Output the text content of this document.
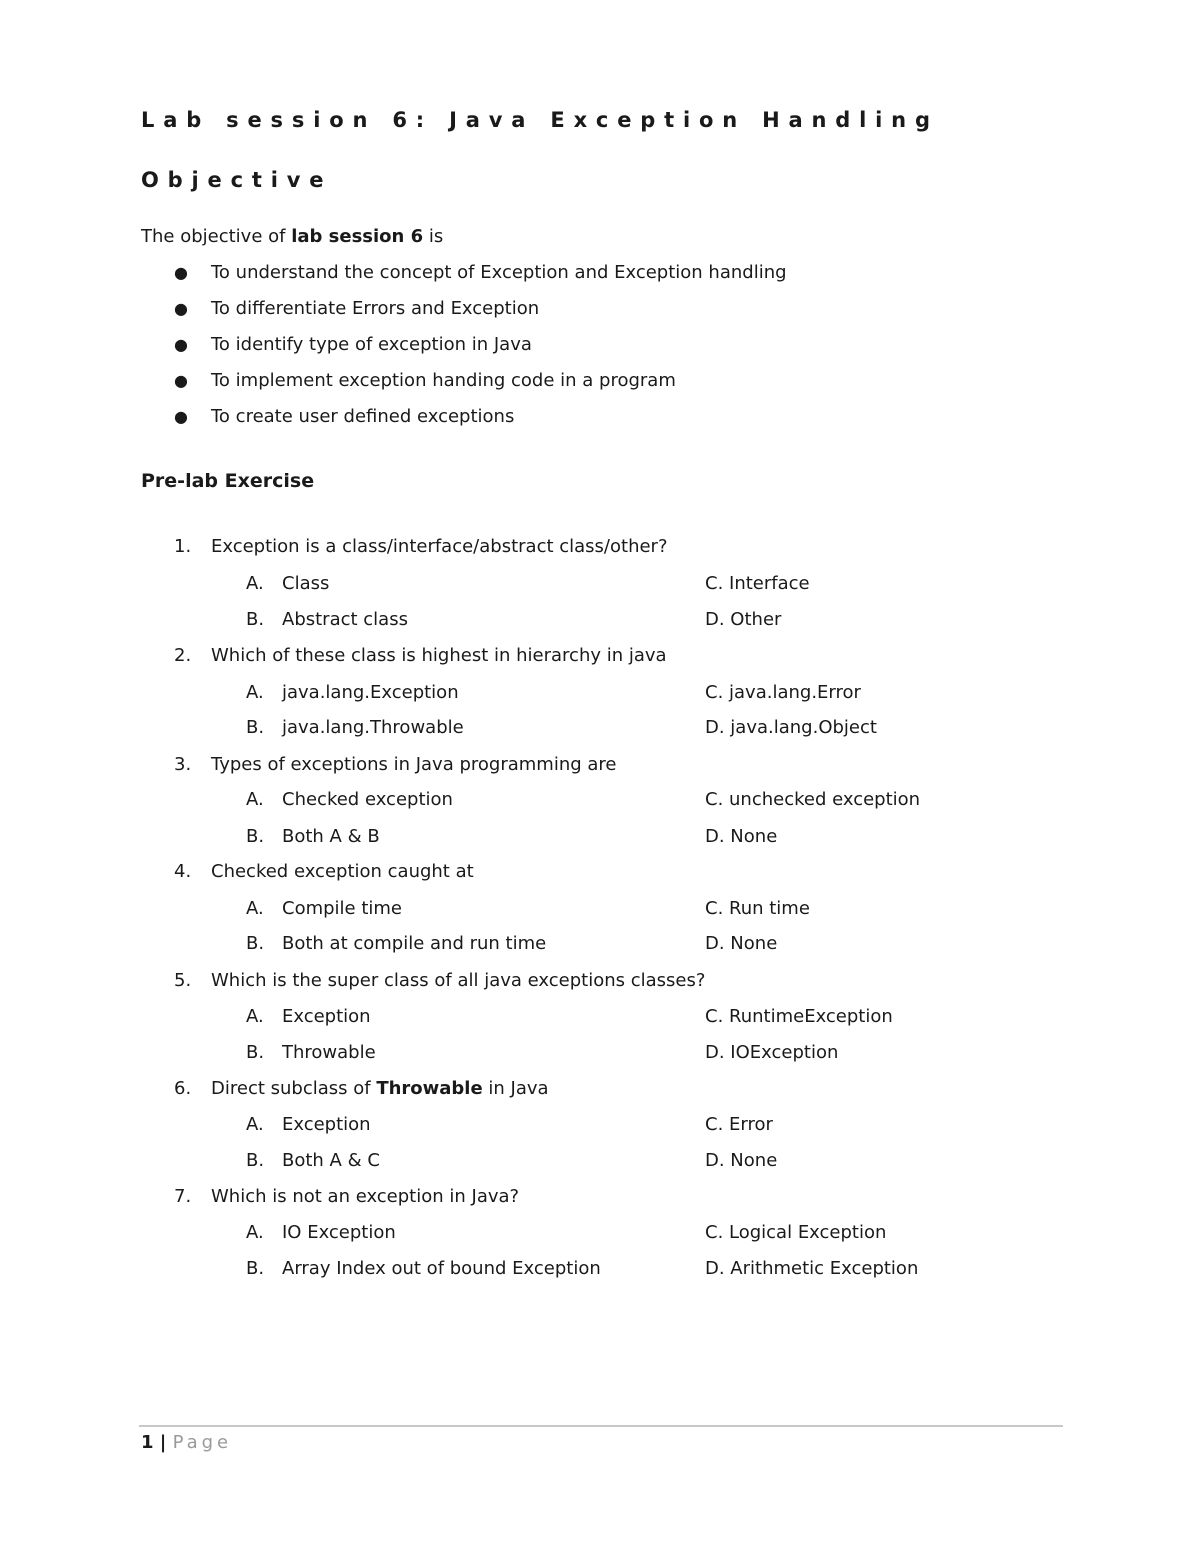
Lab session 6: Java Exception Handling
Objective
The objective of lab session 6 is
● To understand the concept of Exception and Exception handling
● To differentiate Errors and Exception
● To identify type of exception in Java
● To implement exception handing code in a program
● To create user defined exceptions
Pre-lab Exercise
1. Exception is a class/interface/abstract class/other?
A. Class	C. Interface
B. Abstract class	D. Other
2. Which of these class is highest in hierarchy in java
A. java.lang.Exception	C. java.lang.Error
B. java.lang.Throwable	D. java.lang.Object
3. Types of exceptions in Java programming are
A. Checked exception	C. unchecked exception
B. Both A & B	D. None
4. Checked exception caught at
A. Compile time	C. Run time
B. Both at compile and run time	D. None
5. Which is the super class of all java exceptions classes?
A. Exception	C. RuntimeException
B. Throwable	D. IOException
6. Direct subclass of Throwable in Java
A. Exception	C. Error
B. Both A & C	D. None
7. Which is not an exception in Java?
A. IO Exception	C. Logical Exception
B. Array Index out of bound Exception	D. Arithmetic Exception
1 | Page
